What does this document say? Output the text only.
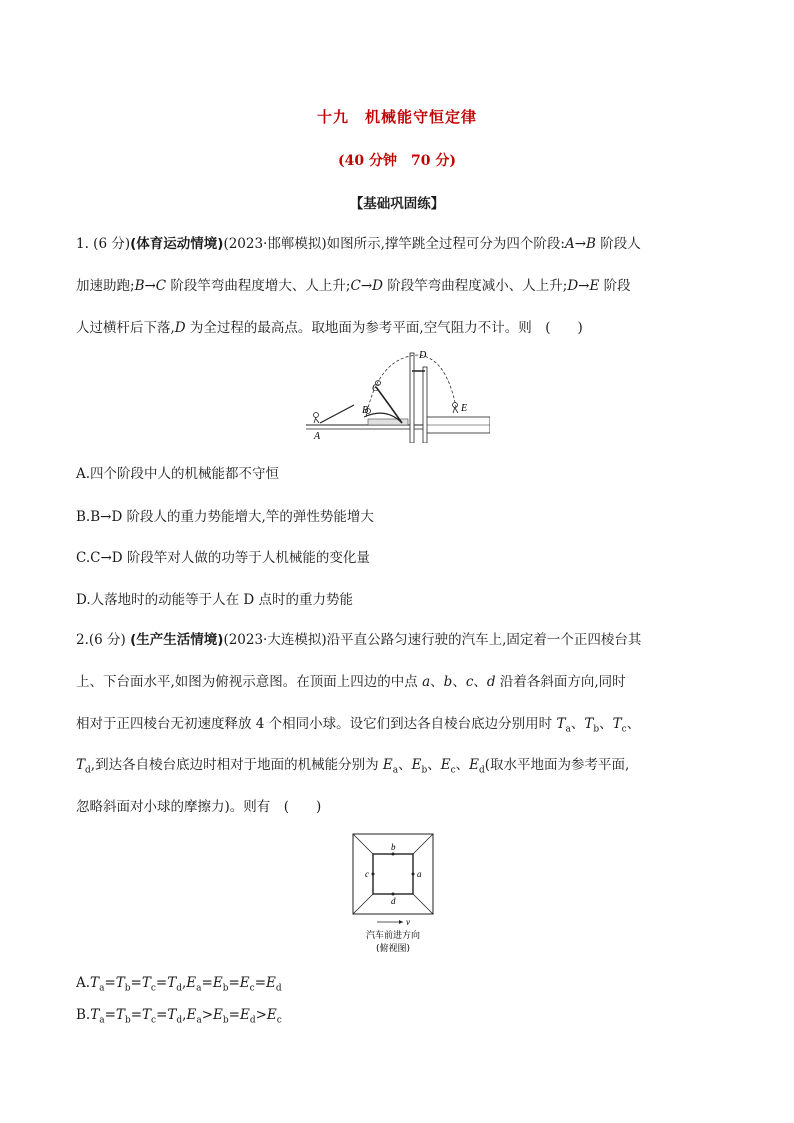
十九　机械能守恒定律
(40 分钟　70 分)
【基础巩固练】
1. (6 分)(体育运动情境)(2023·邯郸模拟)如图所示,撑竿跳全过程可分为四个阶段:A→B 阶段人
加速助跑;B→C 阶段竿弯曲程度增大、人上升;C→D 阶段竿弯曲程度减小、人上升;D→E 阶段
人过横杆后下落,D 为全过程的最高点。取地面为参考平面,空气阻力不计。则　(　　)
A
B
C
D
E
A.四个阶段中人的机械能都不守恒
B.B→D 阶段人的重力势能增大,竿的弹性势能增大
C.C→D 阶段竿对人做的功等于人机械能的变化量
D.人落地时的动能等于人在 D 点时的重力势能
2.(6 分) (生产生活情境)(2023·大连模拟)沿平直公路匀速行驶的汽车上,固定着一个正四棱台其
上、下台面水平,如图为俯视示意图。在顶面上四边的中点 a、b、c、d 沿着各斜面方向,同时
相对于正四棱台无初速度释放 4 个相同小球。设它们到达各自棱台底边分别用时 $T_a$、$T_b$、$T_c$、
$T_d$,到达各自棱台底边时相对于地面的机械能分别为 $E_a$、$E_b$、$E_c$、$E_d$(取水平地面为参考平面,
忽略斜面对小球的摩擦力)。则有　(　　)
b
d
c	a
v
汽车前进方向
(俯视图)
$A.T_a=T_b=T_c=T_d,E_a=E_b=E_c=E_d$
$B.T_a=T_b=T_c=T_d,E_a>E_b=E_d>E_c$
